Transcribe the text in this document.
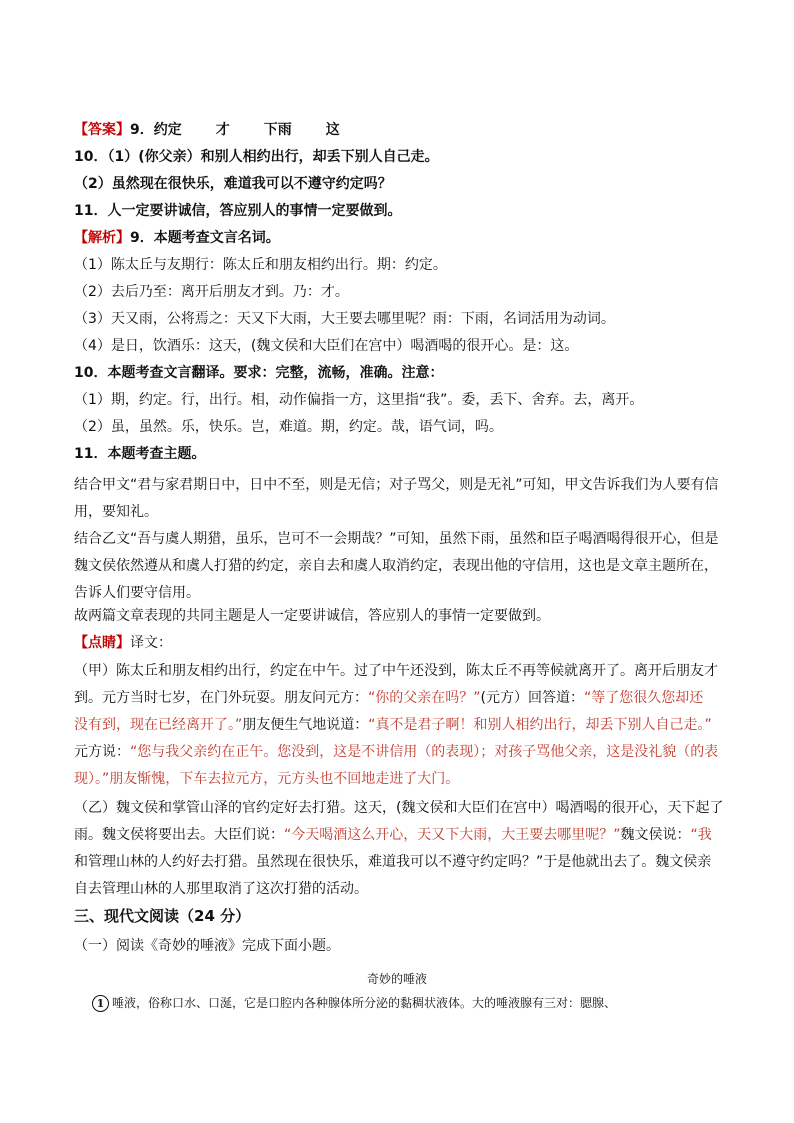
【答案】9．约定 才 下雨 这
10．（1）(你父亲）和别人相约出行，却丢下别人自己走。
（2）虽然现在很快乐，难道我可以不遵守约定吗？
11．人一定要讲诚信，答应别人的事情一定要做到。
【解析】9．本题考查文言名词。
（1）陈太丘与友期行：陈太丘和朋友相约出行。期：约定。
（2）去后乃至：离开后朋友才到。乃：才。
（3）天又雨，公将焉之：天又下大雨，大王要去哪里呢？雨：下雨，名词活用为动词。
（4）是日，饮酒乐：这天，(魏文侯和大臣们在宫中）喝酒喝的很开心。是：这。
10．本题考查文言翻译。要求：完整，流畅，准确。注意：
（1）期，约定。行，出行。相，动作偏指一方，这里指“我”。委，丢下、舍弃。去，离开。
（2）虽，虽然。乐，快乐。岂，难道。期，约定。哉，语气词，吗。
11．本题考查主题。
结合甲文“君与家君期日中，日中不至，则是无信；对子骂父，则是无礼”可知，甲文告诉我们为人要有信用，要知礼。
结合乙文“吾与虞人期猎，虽乐，岂可不一会期哉？”可知，虽然下雨，虽然和臣子喝酒喝得很开心，但是魏文侯依然遵从和虞人打猎的约定，亲自去和虞人取消约定，表现出他的守信用，这也是文章主题所在，告诉人们要守信用。
故两篇文章表现的共同主题是人一定要讲诚信，答应别人的事情一定要做到。
【点睛】译文：
（甲）陈太丘和朋友相约出行，约定在中午。过了中午还没到，陈太丘不再等候就离开了。离开后朋友才
到。元方当时七岁，在门外玩耍。朋友问元方：“你的父亲在吗？”(元方）回答道：“等了您很久您却还
没有到，现在已经离开了。”朋友便生气地说道：“真不是君子啊！和别人相约出行，却丢下别人自己走。”
元方说：“您与我父亲约在正午。您没到，这是不讲信用（的表现）；对孩子骂他父亲，这是没礼貌（的表
现）。”朋友惭愧，下车去拉元方，元方头也不回地走进了大门。
（乙）魏文侯和掌管山泽的官约定好去打猎。这天，(魏文侯和大臣们在宫中）喝酒喝的很开心，天下起了
雨。魏文侯将要出去。大臣们说：“今天喝酒这么开心，天又下大雨，大王要去哪里呢？”魏文侯说：“我
和管理山林的人约好去打猎。虽然现在很快乐，难道我可以不遵守约定吗？”于是他就出去了。魏文侯亲
自去管理山林的人那里取消了这次打猎的活动。
三、现代文阅读（24 分）
（一）阅读《奇妙的唾液》完成下面小题。
奇妙的唾液
1 唾液，俗称口水、口涎，它是口腔内各种腺体所分泌的黏稠状液体。大的唾液腺有三对：腮腺、
